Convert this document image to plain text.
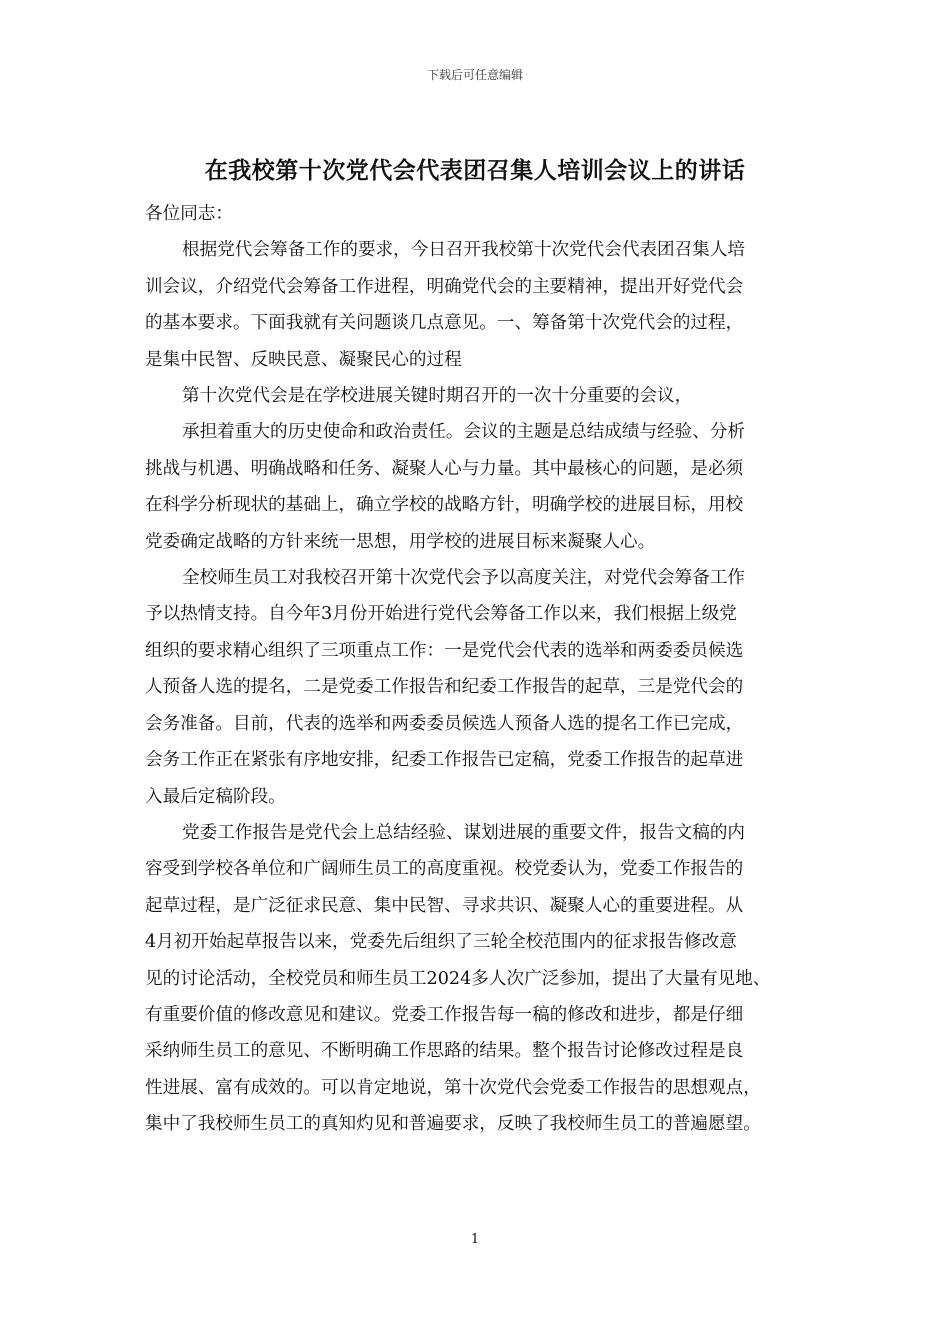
下载后可任意编辑
在我校第十次党代会代表团召集人培训会议上的讲话

各位同志：

根据党代会筹备工作的要求，今日召开我校第十次党代会代表团召集人培

训会议，介绍党代会筹备工作进程，明确党代会的主要精神，提出开好党代会

的基本要求。下面我就有关问题谈几点意见。一、筹备第十次党代会的过程，

是集中民智、反映民意、凝聚民心的过程

第十次党代会是在学校进展关键时期召开的一次十分重要的会议，

承担着重大的历史使命和政治责任。会议的主题是总结成绩与经验、分析

挑战与机遇、明确战略和任务、凝聚人心与力量。其中最核心的问题，是必须

在科学分析现状的基础上，确立学校的战略方针，明确学校的进展目标，用校

党委确定战略的方针来统一思想，用学校的进展目标来凝聚人心。

全校师生员工对我校召开第十次党代会予以高度关注，对党代会筹备工作

予以热情支持。自今年3月份开始进行党代会筹备工作以来，我们根据上级党

组织的要求精心组织了三项重点工作：一是党代会代表的选举和两委委员候选

人预备人选的提名，二是党委工作报告和纪委工作报告的起草，三是党代会的

会务准备。目前，代表的选举和两委委员候选人预备人选的提名工作已完成，

会务工作正在紧张有序地安排，纪委工作报告已定稿，党委工作报告的起草进

入最后定稿阶段。

党委工作报告是党代会上总结经验、谋划进展的重要文件，报告文稿的内

容受到学校各单位和广阔师生员工的高度重视。校党委认为，党委工作报告的

起草过程，是广泛征求民意、集中民智、寻求共识、凝聚人心的重要进程。从

4月初开始起草报告以来，党委先后组织了三轮全校范围内的征求报告修改意

见的讨论活动，全校党员和师生员工2024多人次广泛参加，提出了大量有见地、

有重要价值的修改意见和建议。党委工作报告每一稿的修改和进步，都是仔细

采纳师生员工的意见、不断明确工作思路的结果。整个报告讨论修改过程是良

性进展、富有成效的。可以肯定地说，第十次党代会党委工作报告的思想观点，

集中了我校师生员工的真知灼见和普遍要求，反映了我校师生员工的普遍愿望。

1
